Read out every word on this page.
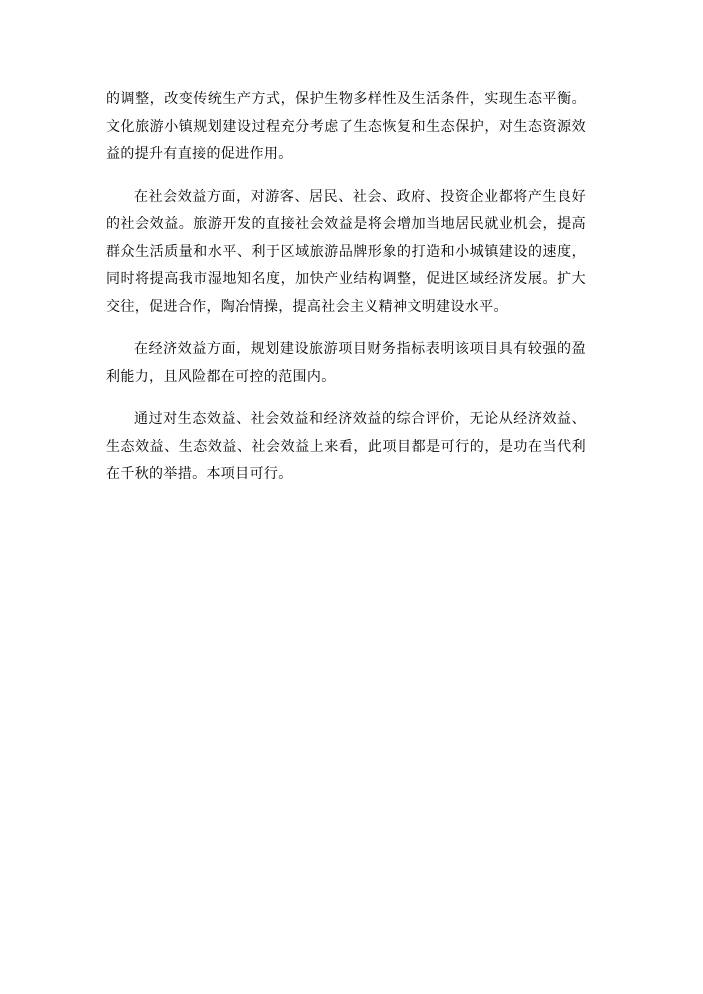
的调整，改变传统生产方式，保护生物多样性及生活条件，实现生态平衡。文化旅游小镇规划建设过程充分考虑了生态恢复和生态保护，对生态资源效益的提升有直接的促进作用。

在社会效益方面，对游客、居民、社会、政府、投资企业都将产生良好的社会效益。旅游开发的直接社会效益是将会增加当地居民就业机会，提高群众生活质量和水平、利于区域旅游品牌形象的打造和小城镇建设的速度，同时将提高我市湿地知名度，加快产业结构调整，促进区域经济发展。扩大交往，促进合作，陶冶情操，提高社会主义精神文明建设水平。

在经济效益方面，规划建设旅游项目财务指标表明该项目具有较强的盈利能力，且风险都在可控的范围内。

通过对生态效益、社会效益和经济效益的综合评价，无论从经济效益、生态效益、生态效益、社会效益上来看，此项目都是可行的，是功在当代利在千秋的举措。本项目可行。
